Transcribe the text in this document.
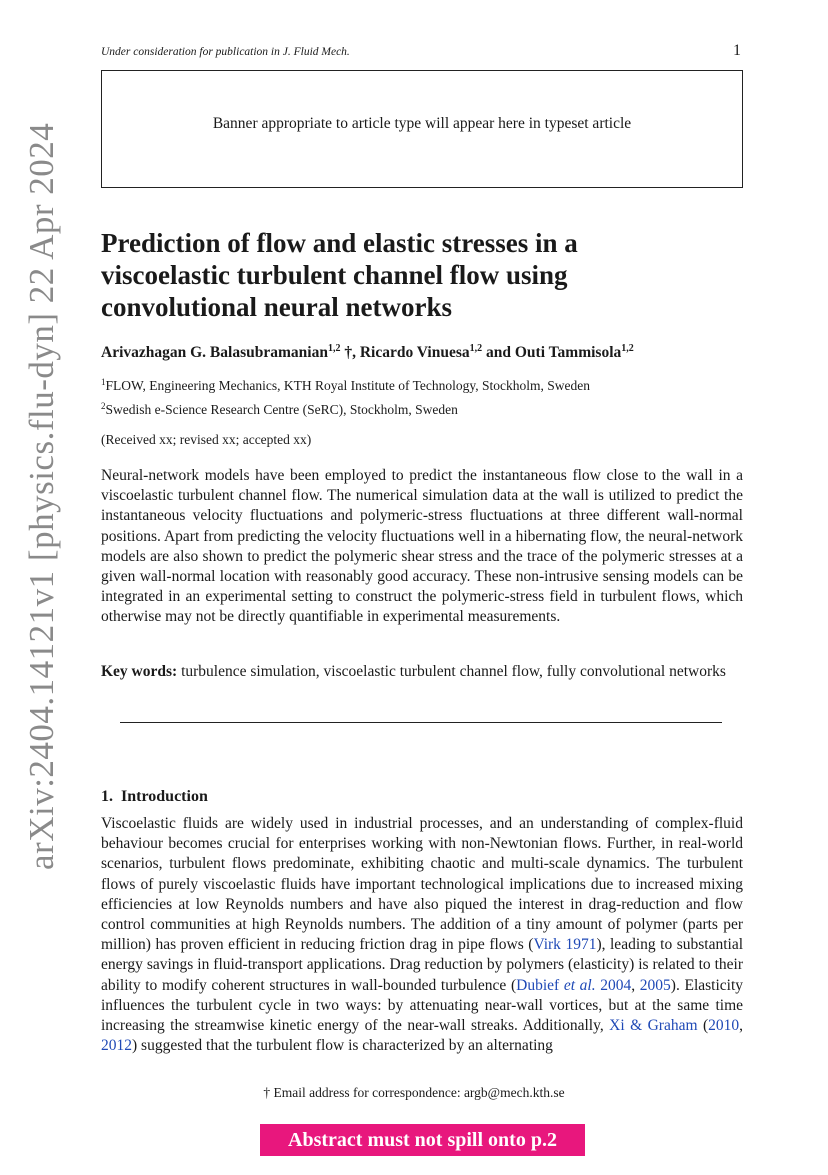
Under consideration for publication in J. Fluid Mech.	1
Banner appropriate to article type will appear here in typeset article
arXiv:2404.14121v1 [physics.flu-dyn] 22 Apr 2024 Prediction of flow and elastic stresses in a viscoelastic turbulent channel flow using convolutional neural networks
Arivazhagan G. Balasubramanian$^{1,2}$ †, Ricardo Vinuesa$^{1,2}$ and Outi Tammisola$^{1,2}$
$^1$FLOW, Engineering Mechanics, KTH Royal Institute of Technology, Stockholm, Sweden
$^2$Swedish e-Science Research Centre (SeRC), Stockholm, Sweden
(Received xx; revised xx; accepted xx)

Neural-network models have been employed to predict the instantaneous flow close to the wall in a viscoelastic turbulent channel flow. The numerical simulation data at the wall is utilized to predict the instantaneous velocity fluctuations and polymeric-stress fluctuations at three different wall-normal positions. Apart from predicting the velocity fluctuations well in a hibernating flow, the neural-network models are also shown to predict the polymeric shear stress and the trace of the polymeric stresses at a given wall-normal location with reasonably good accuracy. These non-intrusive sensing models can be integrated in an experimental setting to construct the polymeric-stress field in turbulent flows, which otherwise may not be directly quantifiable in experimental measurements.

Key words: turbulence simulation, viscoelastic turbulent channel flow, fully convolutional networks

1. Introduction

Viscoelastic fluids are widely used in industrial processes, and an understanding of complex-fluid behaviour becomes crucial for enterprises working with non-Newtonian flows. Further, in real-world scenarios, turbulent flows predominate, exhibiting chaotic and multi-scale dynamics. The turbulent flows of purely viscoelastic fluids have important technological implications due to increased mixing efficiencies at low Reynolds numbers and have also piqued the interest in drag-reduction and flow control communities at high Reynolds numbers. The addition of a tiny amount of polymer (parts per million) has proven efficient in reducing friction drag in pipe flows (Virk 1971), leading to substantial energy savings in fluid-transport applications. Drag reduction by polymers (elasticity) is related to their ability to modify coherent structures in wall-bounded turbulence (Dubief et al. 2004, 2005). Elasticity influences the turbulent cycle in two ways: by attenuating near-wall vortices, but at the same time increasing the streamwise kinetic energy of the near-wall streaks. Additionally, Xi & Graham (2010, 2012) suggested that the turbulent flow is characterized by an alternating

† Email address for correspondence: argb@mech.kth.se
Abstract must not spill onto p.2
